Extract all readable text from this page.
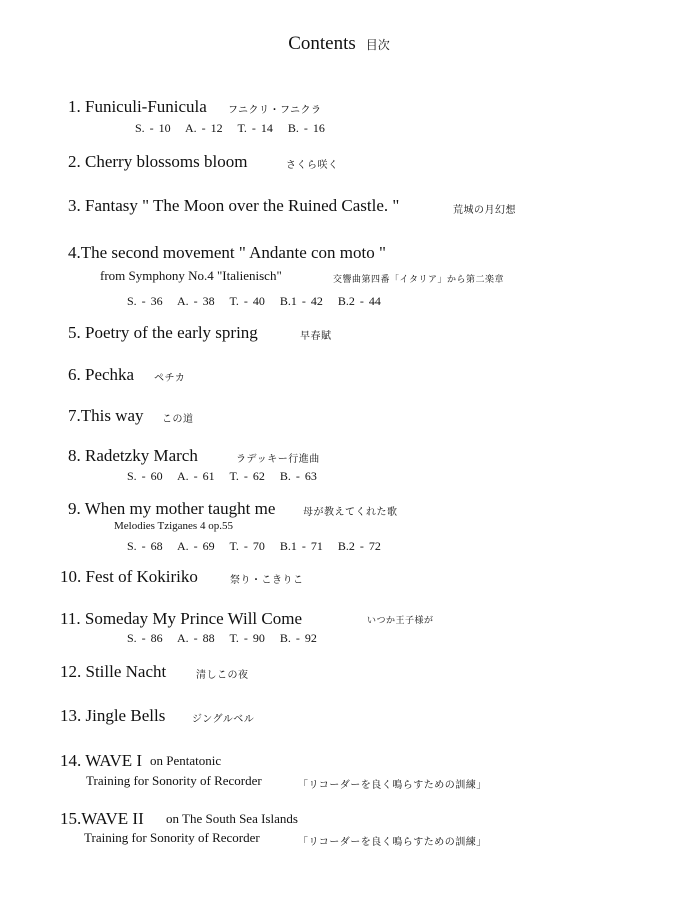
Contents 目次
1. Funiculi-Funicula フニクリ・フニクラ
S. - 10 A. - 12 T. - 14 B. - 16
2. Cherry blossoms bloom	さくら咲く
3. Fantasy " The Moon over the Ruined Castle. "	荒城の月幻想
4.The second movement " Andante con moto "
from Symphony No.4 "Italienisch"	交響曲第四番「イタリア」から第二楽章
S. - 36 A. - 38 T. - 40 B.1 - 42 B.2 - 44
5. Poetry of the early spring	早春賦
6. Pechka ペチカ
7.This way この道
8. Radetzky March	ラデッキー行進曲
S. - 60 A. - 61 T. - 62 B. - 63
9. When my mother taught me	母が教えてくれた歌
Melodies Tziganes 4 op.55
S. - 68 A. - 69 T. - 70 B.1 - 71 B.2 - 72
10. Fest of Kokiriko	祭り・こきりこ
11. Someday My Prince Will Come	いつか王子様が
S. - 86 A. - 88 T. - 90 B. - 92
12. Stille Nacht	清しこの夜
13. Jingle Bells	ジングルベル
14. WAVE I on Pentatonic
Training for Sonority of Recorder	「リコーダーを良く鳴らすための訓練」
15.WAVE II on The South Sea Islands
Training for Sonority of Recorder	「リコーダーを良く鳴らすための訓練」
